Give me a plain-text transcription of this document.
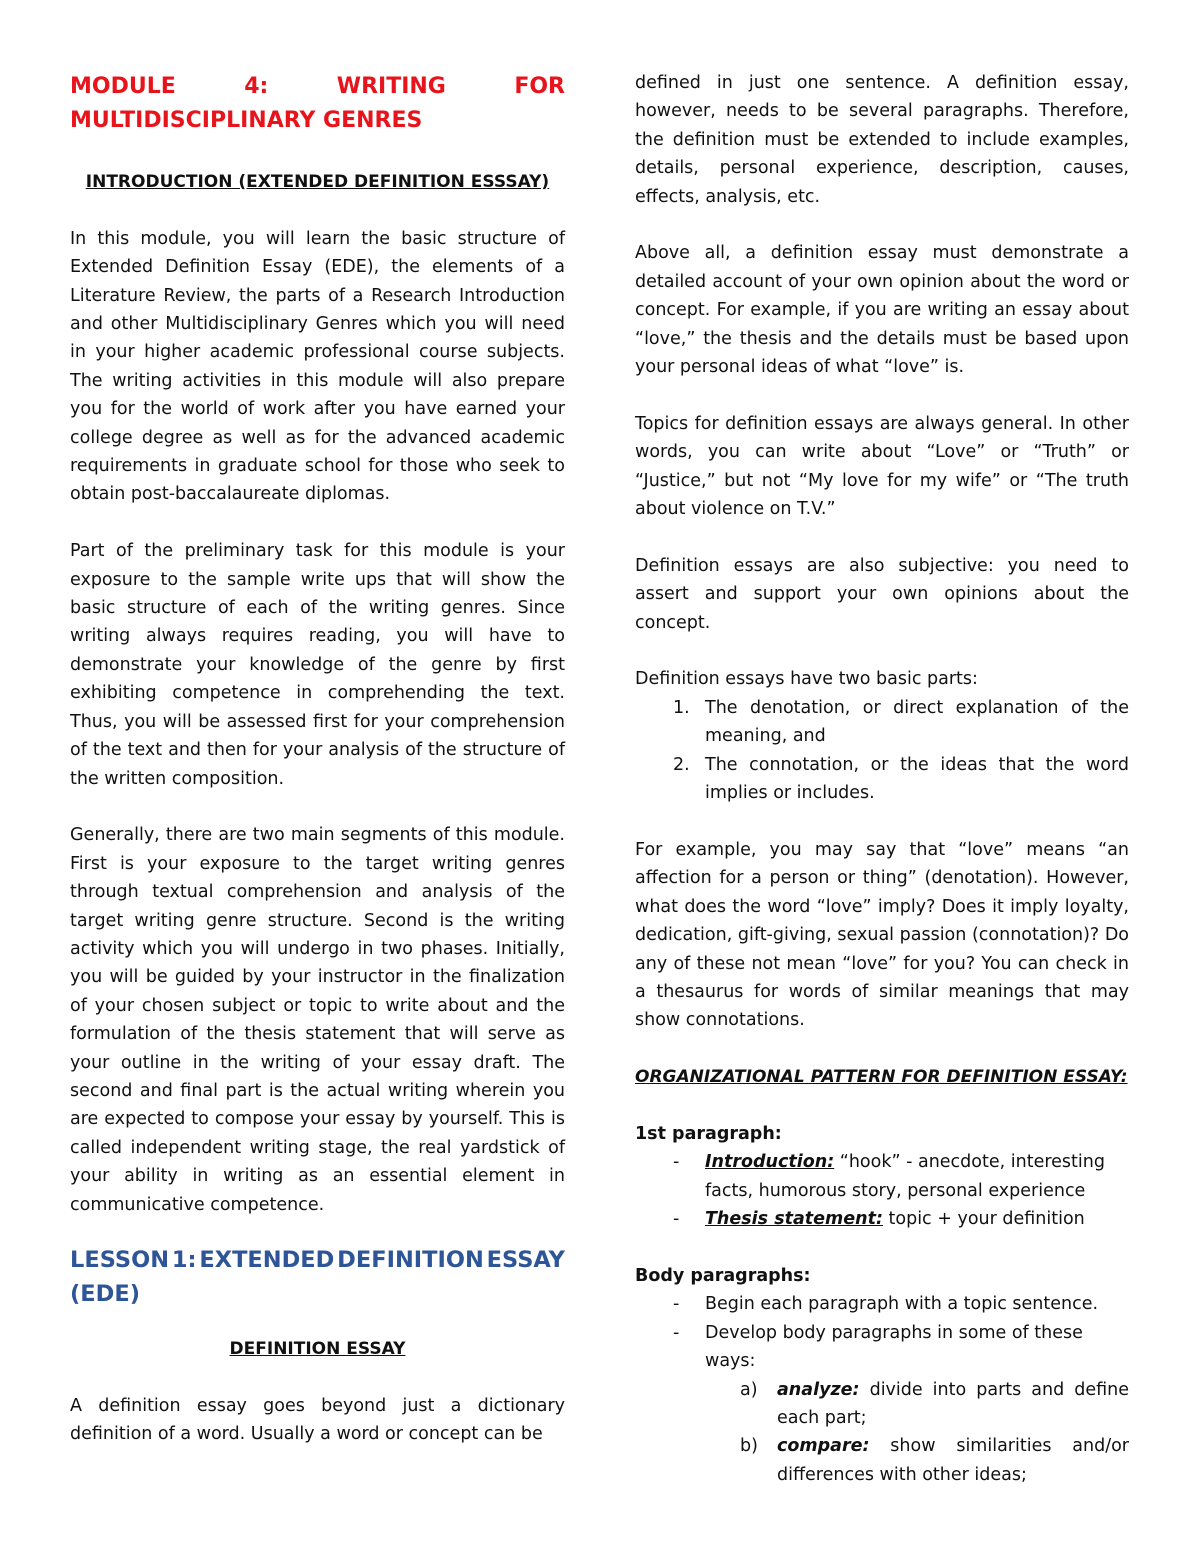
MODULE	4:	WRITING	FOR
MULTIDISCIPLINARY GENRES

INTRODUCTION (EXTENDED DEFINITION ESSSAY)

In this module, you will learn the basic structure of Extended Definition Essay (EDE), the elements of a Literature Review, the parts of a Research Introduction and other Multidisciplinary Genres which you will need in your higher academic professional course subjects. The writing activities in this module will also prepare you for the world of work after you have earned your college degree as well as for the advanced academic requirements in graduate school for those who seek to obtain post-baccalaureate diplomas.

Part of the preliminary task for this module is your exposure to the sample write ups that will show the basic structure of each of the writing genres. Since writing always requires reading, you will have to demonstrate your knowledge of the genre by first exhibiting competence in comprehending the text. Thus, you will be assessed first for your comprehension of the text and then for your analysis of the structure of the written composition.

Generally, there are two main segments of this module. First is your exposure to the target writing genres through textual comprehension and analysis of the target writing genre structure. Second is the writing activity which you will undergo in two phases. Initially, you will be guided by your instructor in the finalization of your chosen subject or topic to write about and the formulation of the thesis statement that will serve as your outline in the writing of your essay draft. The second and final part is the actual writing wherein you are expected to compose your essay by yourself. This is called independent writing stage, the real yardstick of your ability in writing as an essential element in communicative competence.

LESSON 1: EXTENDED DEFINITION ESSAY
(EDE)

DEFINITION ESSAY

A definition essay goes beyond just a dictionary definition of a word. Usually a word or concept can be

defined in just one sentence. A definition essay, however, needs to be several paragraphs. Therefore, the definition must be extended to include examples, details, personal experience, description, causes, effects, analysis, etc.

Above all, a definition essay must demonstrate a detailed account of your own opinion about the word or concept. For example, if you are writing an essay about “love,” the thesis and the details must be based upon your personal ideas of what “love” is.

Topics for definition essays are always general. In other words, you can write about “Love” or “Truth” or “Justice,” but not “My love for my wife” or “The truth about violence on T.V.”

Definition essays are also subjective: you need to assert and support your own opinions about the concept.

Definition essays have two basic parts:

1. The denotation, or direct explanation of the meaning, and
2. The connotation, or the ideas that the word implies or includes.

For example, you may say that “love” means “an affection for a person or thing” (denotation). However, what does the word “love” imply? Does it imply loyalty, dedication, gift-giving, sexual passion (connotation)? Do any of these not mean “love” for you? You can check in a thesaurus for words of similar meanings that may show connotations.

ORGANIZATIONAL PATTERN FOR DEFINITION ESSAY:

1st paragraph:

- Introduction: “hook” - anecdote, interesting facts, humorous story, personal experience
- Thesis statement: topic + your definition

Body paragraphs:

- Begin each paragraph with a topic sentence.
- Develop body paragraphs in some of these ways:
a) analyze: divide into parts and define each part;
b) compare: show similarities and/or differences with other ideas;
